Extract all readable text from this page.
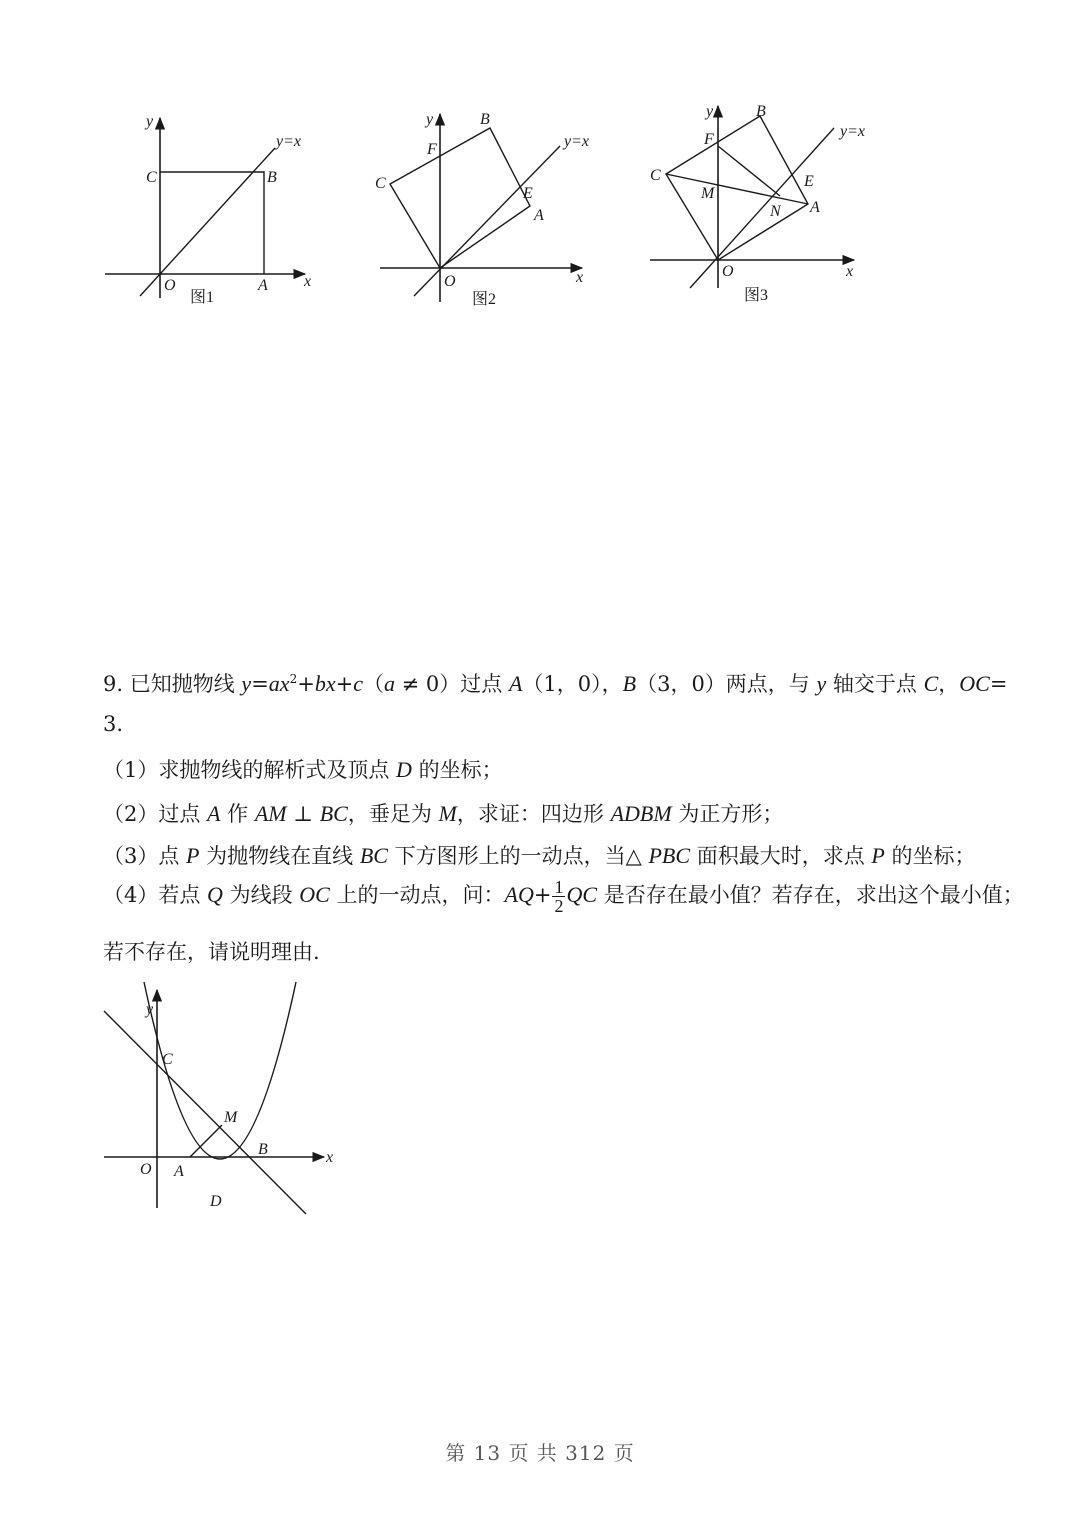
y
x
y=x
O	A
B
C
图1
y
x
y=x
O
A
B
C
E
F
图2
y
x
y=x
O
A
B
C	E
F
M
N
图3
9. 已知抛物线 $y=ax^2+bx+c(a \ne 0)$过点 A（1，0），B（3，0）两点，与 y 轴交于点 C，OC=
3.
（1）求抛物线的解析式及顶点 D 的坐标；
（2）过点 A 作 AM ⊥ BC，垂足为 M，求证：四边形 ADBM 为正方形；
（3）点 P 为抛物线在直线 BC 下方图形上的一动点，当△ PBC 面积最大时，求点 P 的坐标；
（4）若点 Q 为线段 OC 上的一动点，问：$AQ+ \frac{1}{2}$ QC 是否存在最小值？若存在，求出这个最小值；
若不存在，请说明理由.
y
x
O A
B
C
D
M
第 13 页 共 312 页
